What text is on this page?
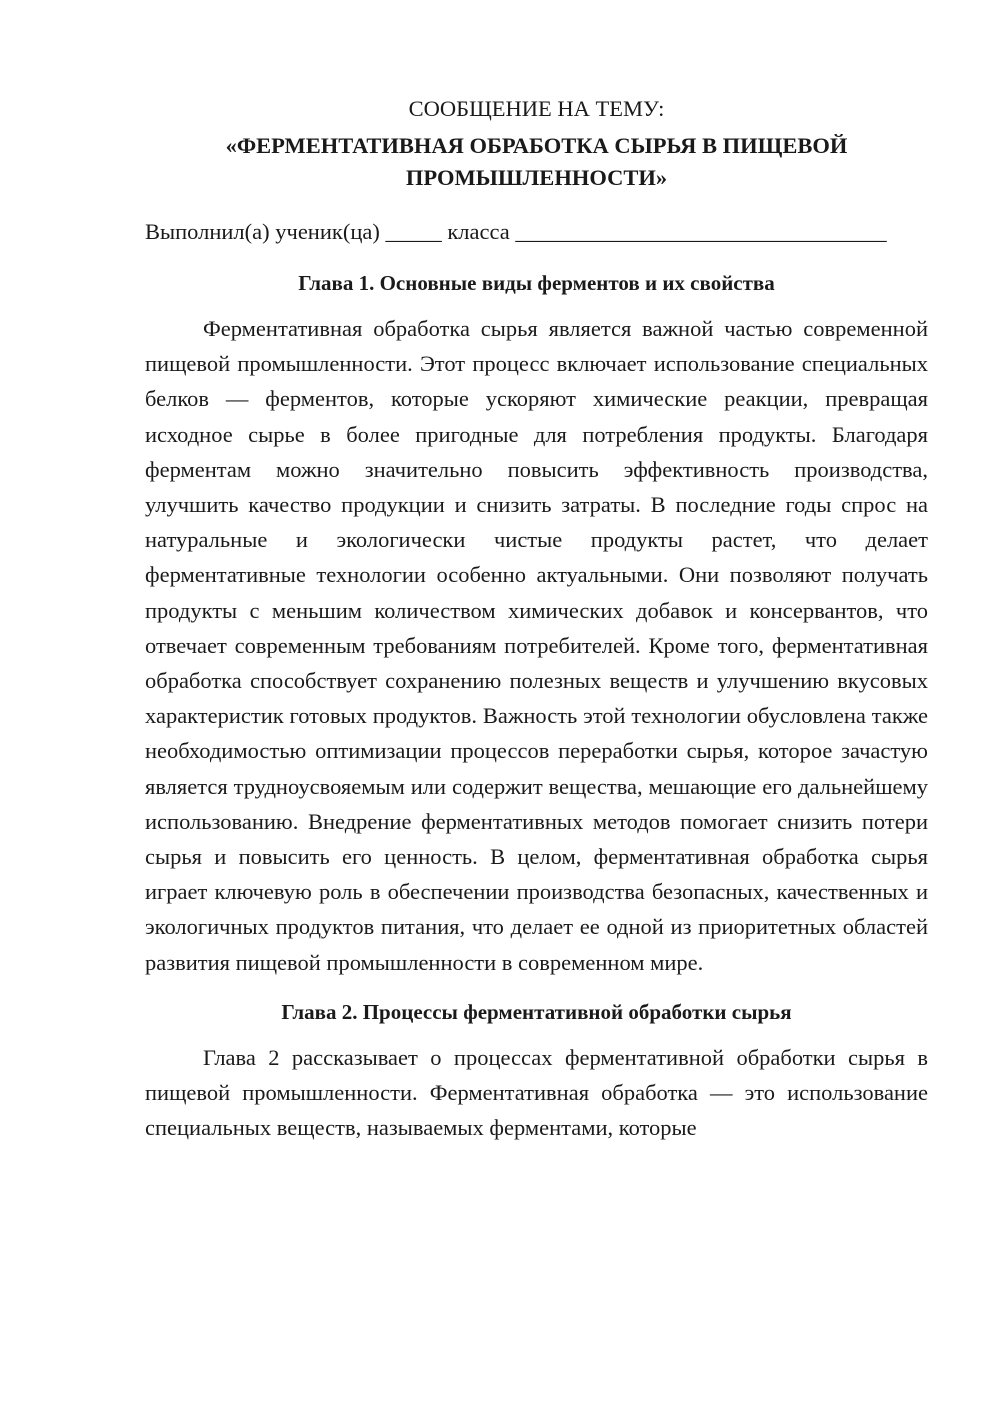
СООБЩЕНИЕ НА ТЕМУ:

«ФЕРМЕНТАТИВНАЯ ОБРАБОТКА СЫРЬЯ В ПИЩЕВОЙ
ПРОМЫШЛЕННОСТИ»

Выполнил(а) ученик(ца) _____ класса _________________________________

Глава 1. Основные виды ферментов и их свойства

Ферментативная обработка сырья является важной частью современной пищевой промышленности. Этот процесс включает использование специальных белков — ферментов, которые ускоряют химические реакции, превращая исходное сырье в более пригодные для потребления продукты. Благодаря ферментам можно значительно повысить эффективность производства, улучшить качество продукции и снизить затраты. В последние годы спрос на натуральные и экологически чистые продукты растет, что делает ферментативные технологии особенно актуальными. Они позволяют получать продукты с меньшим количеством химических добавок и консервантов, что отвечает современным требованиям потребителей. Кроме того, ферментативная обработка способствует сохранению полезных веществ и улучшению вкусовых характеристик готовых продуктов. Важность этой технологии обусловлена также необходимостью оптимизации процессов переработки сырья, которое зачастую является трудноусвояемым или содержит вещества, мешающие его дальнейшему использованию. Внедрение ферментативных методов помогает снизить потери сырья и повысить его ценность. В целом, ферментативная обработка сырья играет ключевую роль в обеспечении производства безопасных, качественных и экологичных продуктов питания, что делает ее одной из приоритетных областей развития пищевой промышленности в современном мире.

Глава 2. Процессы ферментативной обработки сырья

Глава 2 рассказывает о процессах ферментативной обработки сырья в пищевой промышленности. Ферментативная обработка — это использование специальных веществ, называемых ферментами, которые
